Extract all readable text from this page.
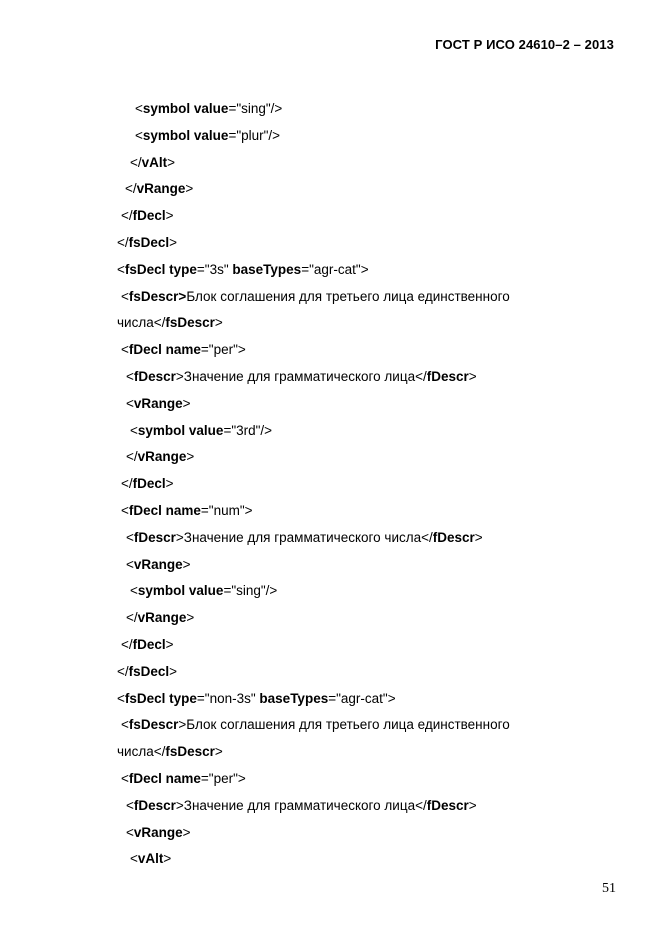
ГОСТ Р ИСО 24610–2 – 2013
<symbol value="sing"/>
<symbol value="plur"/>
</vAlt>
</vRange>
</fDecl>
</fsDecl>
<fsDecl type="3s" baseTypes="agr-cat">
<fsDescr>Блок соглашения для третьего лица единственного
числа</fsDescr>
<fDecl name="per">
<fDescr>Значение для грамматического лица</fDescr>
<vRange>
<symbol value="3rd"/>
</vRange>
</fDecl>
<fDecl name="num">
<fDescr>Значение для грамматического числа</fDescr>
<vRange>
<symbol value="sing"/>
</vRange>
</fDecl>
</fsDecl>
<fsDecl type="non-3s" baseTypes="agr-cat">
<fsDescr>Блок соглашения для третьего лица единственного
числа</fsDescr>
<fDecl name="per">
<fDescr>Значение для грамматического лица</fDescr>
<vRange>
<vAlt>
51
